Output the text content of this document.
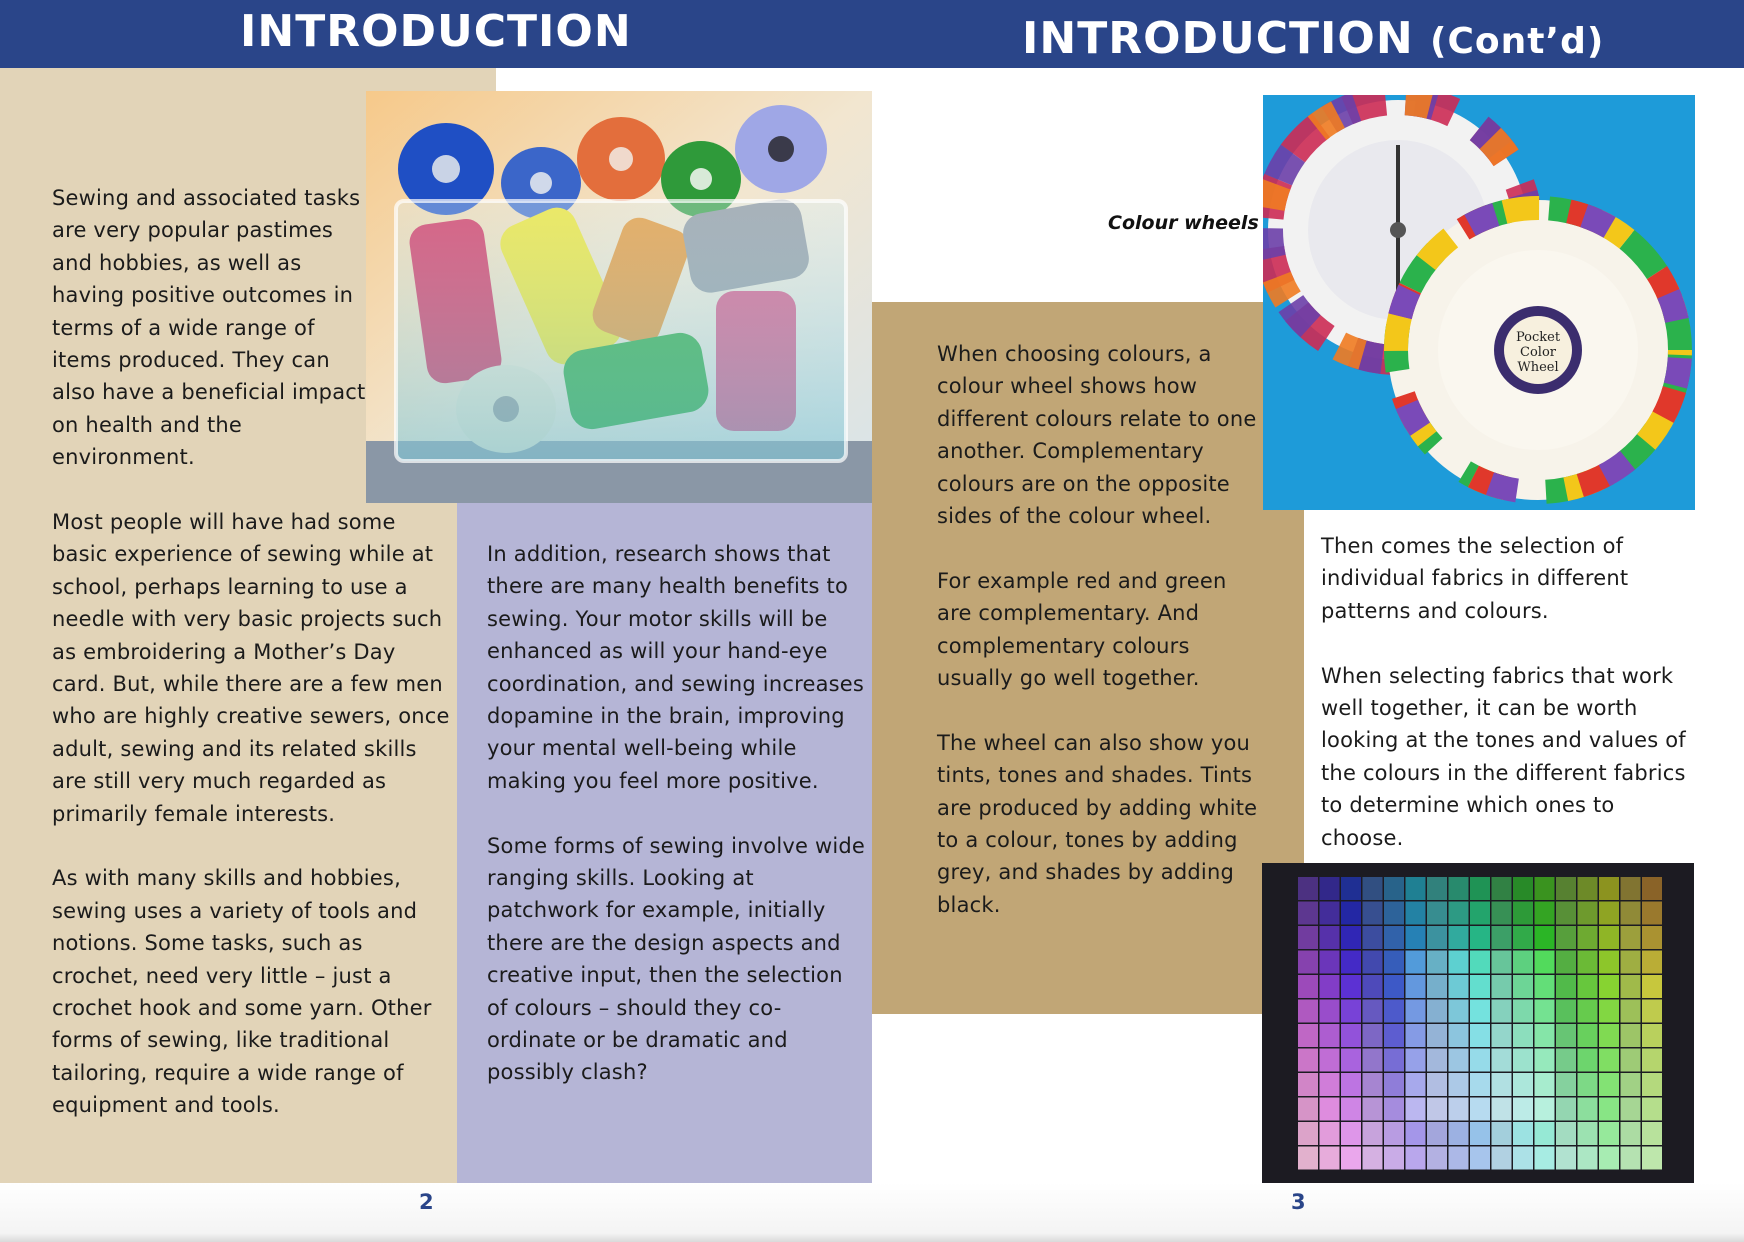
INTRODUCTION	INTRODUCTION (Cont’d)
Pocket
Color
Wheel
Colour wheels

Sewing and associated tasks are very popular pastimes and hobbies, as well as having positive outcomes in terms of a wide range of items produced. They can also have a beneficial impact on health and the environment.

Most people will have had some basic experience of sewing while at school, perhaps learning to use a needle with very basic projects such as embroidering a Mother’s Day card. But, while there are a few men who are highly creative sewers, once adult, sewing and its related skills are still very much regarded as primarily female interests.

As with many skills and hobbies, sewing uses a variety of tools and notions. Some tasks, such as crochet, need very little – just a crochet hook and some yarn. Other forms of sewing, like traditional tailoring, require a wide range of equipment and tools.

In addition, research shows that there are many health benefits to sewing. Your motor skills will be enhanced as will your hand-eye coordination, and sewing increases dopamine in the brain, improving your mental well-being while making you feel more positive.

Some forms of sewing involve wide ranging skills. Looking at patchwork for example, initially there are the design aspects and creative input, then the selection of colours – should they co-ordinate or be dramatic and possibly clash?

When choosing colours, a colour wheel shows how different colours relate to one another. Complementary colours are on the opposite sides of the colour wheel.

For example red and green are complementary. And complementary colours usually go well together.

The wheel can also show you tints, tones and shades. Tints are produced by adding white to a colour, tones by adding grey, and shades by adding black.

Then comes the selection of individual fabrics in different patterns and colours.

When selecting fabrics that work well together, it can be worth looking at the tones and values of the colours in the different fabrics to determine which ones to choose.

2	3
